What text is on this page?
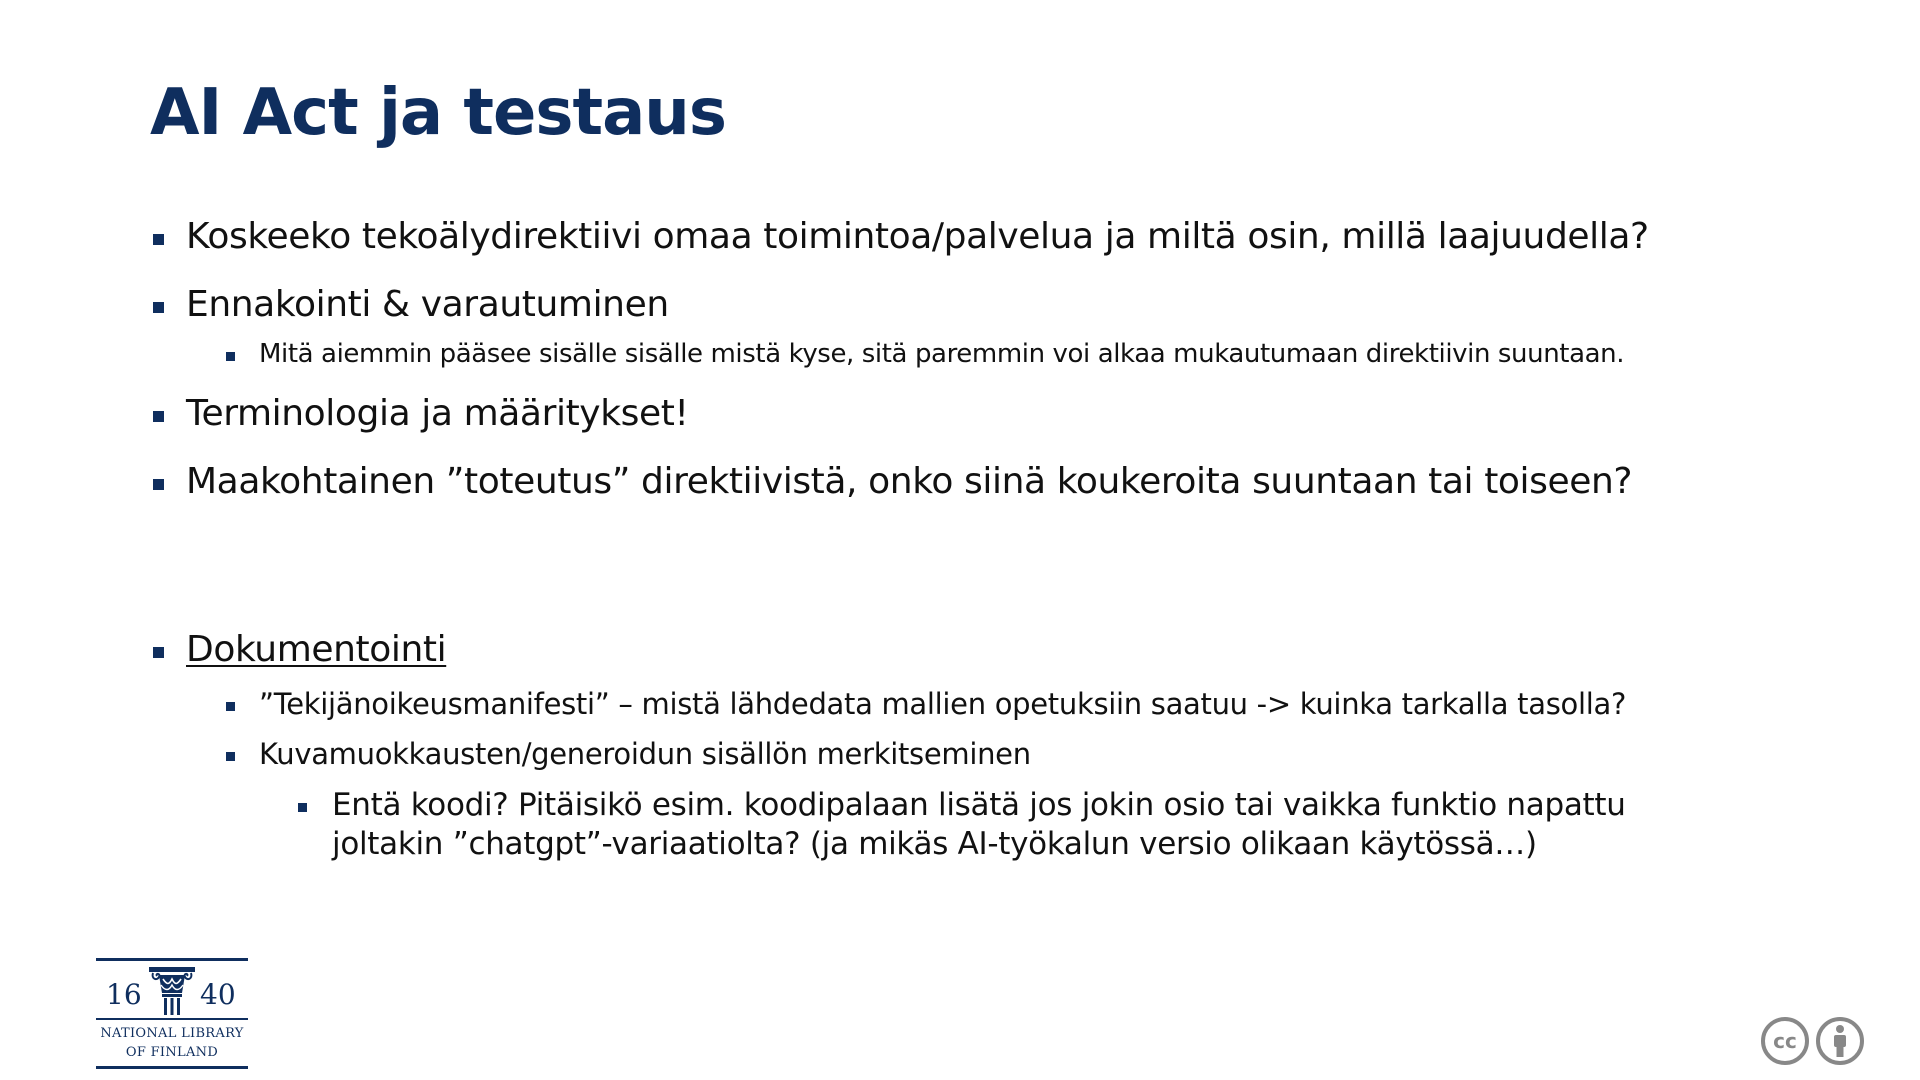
AI Act ja testaus
Koskeeko tekoälydirektiivi omaa toimintoa/palvelua ja miltä osin, millä laajuudella?
Ennakointi & varautuminen
Mitä aiemmin pääsee sisälle sisälle mistä kyse, sitä paremmin voi alkaa mukautumaan direktiivin suuntaan.
Terminologia ja määritykset!
Maakohtainen ”toteutus” direktiivistä, onko siinä koukeroita suuntaan tai toiseen?
Dokumentointi
”Tekijänoikeusmanifesti” – mistä lähdedata mallien opetuksiin saatuu -> kuinka tarkalla tasolla?
Kuvamuokkausten/generoidun sisällön merkitseminen
Entä koodi? Pitäisikö esim. koodipalaan lisätä jos jokin osio tai vaikka funktio napattu
joltakin ”chatgpt”-variaatiolta? (ja mikäs AI-työkalun versio olikaan käytössä…)
16 40
NATIONAL LIBRARY
OF FINLAND	cc
